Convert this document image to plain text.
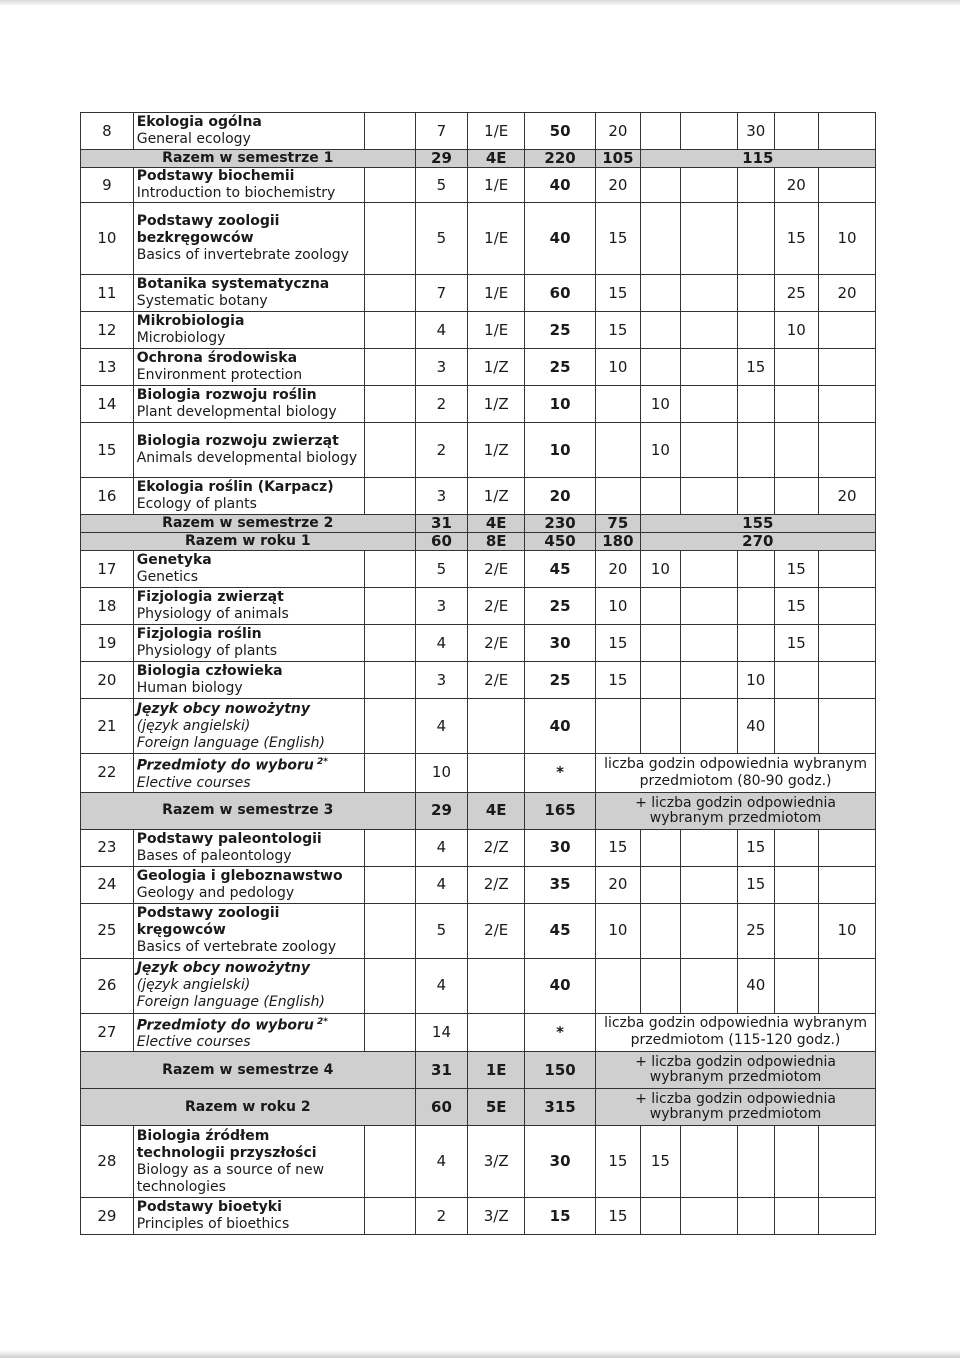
8	Ekologia ogólna
General ecology		7	1/E	50	20			30		
Razem w semestrze 1			29	4E	220	105	115				
9	Podstawy biochemii
Introduction to biochemistry		5	1/E	40	20				20	
10	Podstawy zoologii bezkręgowców
Basics of invertebrate zoology		5	1/E	40	15				15	10
11	Botanika systematyczna
Systematic botany		7	1/E	60	15				25	20
12	Mikrobiologia
Microbiology		4	1/E	25	15				10	
13	Ochrona środowiska
Environment protection		3	1/Z	25	10			15		
14	Biologia rozwoju roślin
Plant developmental biology		2	1/Z	10		10				
15	Biologia rozwoju zwierząt
Animals developmental biology		2	1/Z	10		10				
16	Ekologia roślin (Karpacz)
Ecology of plants		3	1/Z	20						20
Razem w semestrze 2			31	4E	230	75	155				
Razem w roku 1			60	8E	450	180	270				
17	Genetyka
Genetics		5	2/E	45	20	10			15	
18	Fizjologia zwierząt
Physiology of animals		3	2/E	25	10				15	
19	Fizjologia roślin
Physiology of plants		4	2/E	30	15				15	
20	Biologia człowieka
Human biology		3	2/E	25	15			10		
21	Język obcy nowożytny
(język angielski)
Foreign language (English)		4		40				40		
22	Przedmioty do wyboru $^{2*}$
Elective courses		10		*	liczba godzin odpowiednia wybranym przedmiotom (80-90 godz.)					
Razem w semestrze 3			29	4E	165	+ liczba godzin odpowiednia wybranym przedmiotom					
23	Podstawy paleontologii
Bases of paleontology		4	2/Z	30	15			15		
24	Geologia i gleboznawstwo
Geology and pedology		4	2/Z	35	20			15		
25	Podstawy zoologii kręgowców
Basics of vertebrate zoology		5	2/E	45	10			25		10
26	Język obcy nowożytny
(język angielski)
Foreign language (English)		4		40				40		
27	Przedmioty do wyboru $^{2*}$
Elective courses		14		*	liczba godzin odpowiednia wybranym przedmiotom (115-120 godz.)					
Razem w semestrze 4			31	1E	150	+ liczba godzin odpowiednia wybranym przedmiotom					
Razem w roku 2			60	5E	315	+ liczba godzin odpowiednia wybranym przedmiotom					
28	Biologia źródłem technologii przyszłości
Biology as a source of new technologies		4	3/Z	30	15	15				
29	Podstawy bioetyki
Principles of bioethics		2	3/Z	15	15					
